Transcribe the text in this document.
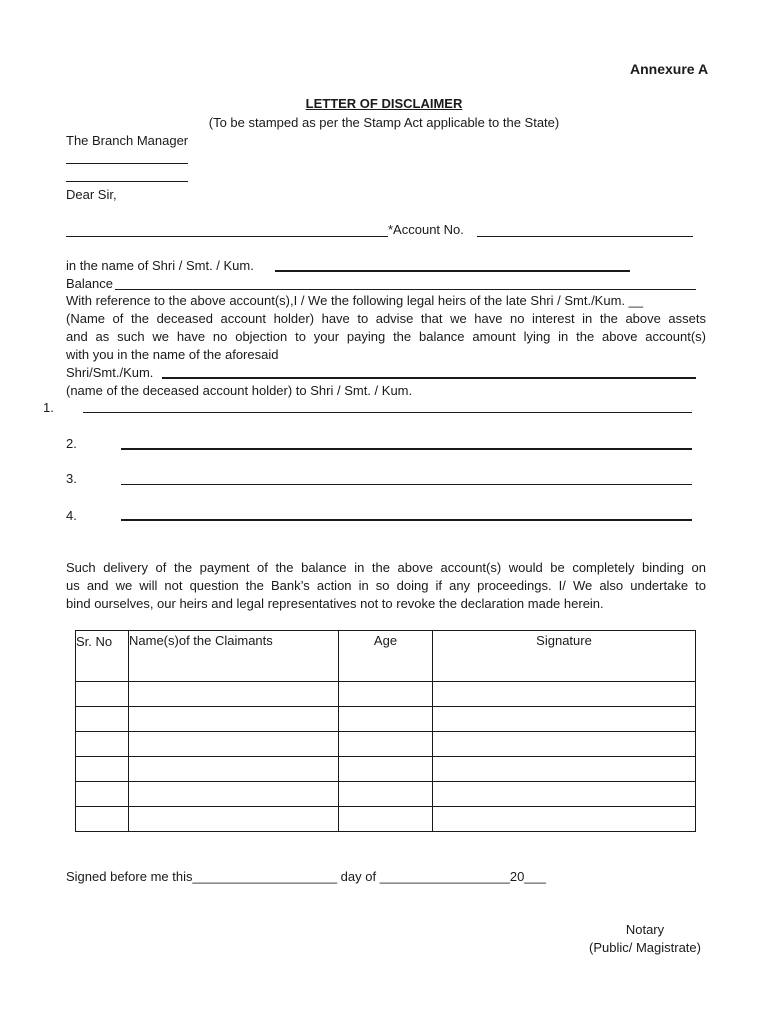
Annexure A
LETTER OF DISCLAIMER
(To be stamped as per the Stamp Act applicable to the State)
The Branch Manager
Dear Sir,
*Account No.
in the name of Shri / Smt. / Kum.
Balance
With reference to the above account(s),I / We the following legal heirs of the late Shri / Smt./Kum. __
(Name of the deceased account holder) have to advise that we have no interest in the above assets
and as such we have no objection to your paying the balance amount lying in the above account(s)
with you in the name of the aforesaid
Shri/Smt./Kum.
(name of the deceased account holder) to Shri / Smt. / Kum.
1.
2.
3.
4.
Such delivery of the payment of the balance in the above account(s) would be completely binding on
us and we will not question the Bank’s action in so doing if any proceedings. I/ We also undertake to
bind ourselves, our heirs and legal representatives not to revoke the declaration made herein.
Sr. No	Name(s)of the Claimants	Age	Signature

Signed before me this____________________ day of __________________20___
Notary
(Public/ Magistrate)
